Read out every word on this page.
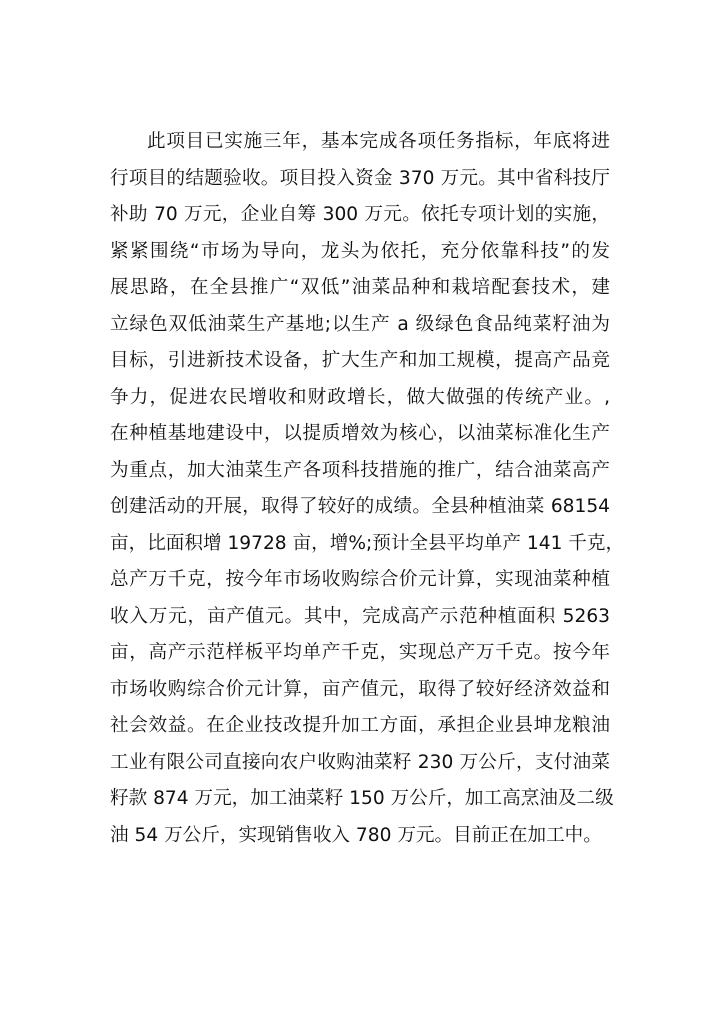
此项目已实施三年，基本完成各项任务指标，年底将进
行项目的结题验收。项目投入资金 370 万元。其中省科技厅
补助 70 万元，企业自筹 300 万元。依托专项计划的实施，
紧紧围绕“市场为导向，龙头为依托，充分依靠科技”的发
展思路，在全县推广“双低”油菜品种和栽培配套技术，建
立绿色双低油菜生产基地;以生产 a 级绿色食品纯菜籽油为
目标，引进新技术设备，扩大生产和加工规模，提高产品竞
争力，促进农民增收和财政增长，做大做强的传统产业。,
在种植基地建设中，以提质增效为核心，以油菜标准化生产
为重点，加大油菜生产各项科技措施的推广，结合油菜高产
创建活动的开展，取得了较好的成绩。全县种植油菜 68154
亩，比面积增 19728 亩，增%;预计全县平均单产 141 千克，
总产万千克，按今年市场收购综合价元计算，实现油菜种植
收入万元，亩产值元。其中，完成高产示范种植面积 5263
亩，高产示范样板平均单产千克，实现总产万千克。按今年
市场收购综合价元计算，亩产值元，取得了较好经济效益和
社会效益。在企业技改提升加工方面，承担企业县坤龙粮油
工业有限公司直接向农户收购油菜籽 230 万公斤，支付油菜
籽款 874 万元，加工油菜籽 150 万公斤，加工高烹油及二级
油 54 万公斤，实现销售收入 780 万元。目前正在加工中。
